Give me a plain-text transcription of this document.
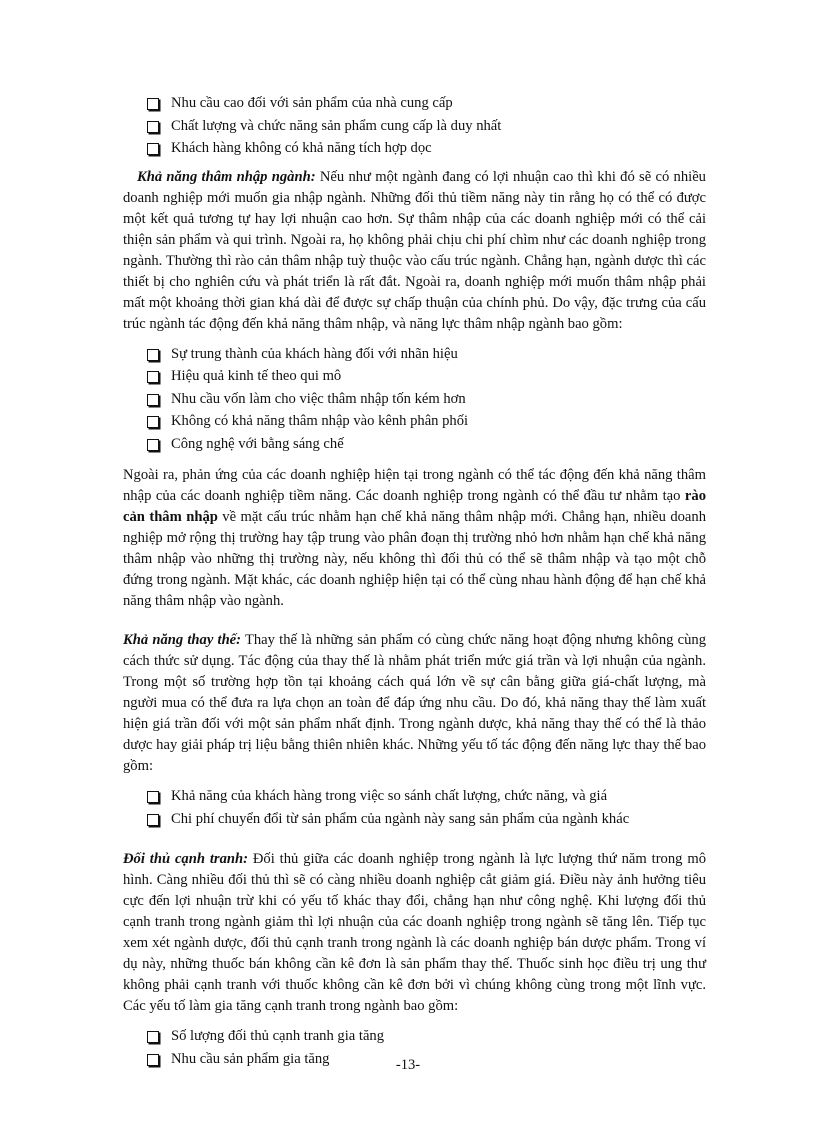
Nhu cầu cao đối với sản phẩm của nhà cung cấp
Chất lượng và chức năng sản phẩm cung cấp là duy nhất
Khách hàng không có khả năng tích hợp dọc

Khả năng thâm nhập ngành: Nếu như một ngành đang có lợi nhuận cao thì khi đó sẽ có nhiều doanh nghiệp mới muốn gia nhập ngành. Những đối thủ tiềm năng này tin rằng họ có thể có được một kết quả tương tự hay lợi nhuận cao hơn. Sự thâm nhập của các doanh nghiệp mới có thể cải thiện sản phẩm và qui trình. Ngoài ra, họ không phải chịu chi phí chìm như các doanh nghiệp trong ngành. Thường thì rào cản thâm nhập tuỳ thuộc vào cấu trúc ngành. Chẳng hạn, ngành dược thì các thiết bị cho nghiên cứu và phát triển là rất đắt. Ngoài ra, doanh nghiệp mới muốn thâm nhập phải mất một khoảng thời gian khá dài để được sự chấp thuận của chính phủ. Do vậy, đặc trưng của cấu trúc ngành tác động đến khả năng thâm nhập, và năng lực thâm nhập ngành bao gồm:

Sự trung thành của khách hàng đối với nhãn hiệu
Hiệu quả kinh tế theo qui mô
Nhu cầu vốn làm cho việc thâm nhập tốn kém hơn
Không có khả năng thâm nhập vào kênh phân phối
Công nghệ với bằng sáng chế

Ngoài ra, phản ứng của các doanh nghiệp hiện tại trong ngành có thể tác động đến khả năng thâm nhập của các doanh nghiệp tiềm năng. Các doanh nghiệp trong ngành có thể đầu tư nhằm tạo rào cản thâm nhập về mặt cấu trúc nhằm hạn chế khả năng thâm nhập mới. Chẳng hạn, nhiều doanh nghiệp mở rộng thị trường hay tập trung vào phân đoạn thị trường nhỏ hơn nhằm hạn chế khả năng thâm nhập vào những thị trường này, nếu không thì đối thủ có thể sẽ thâm nhập và tạo một chỗ đứng trong ngành. Mặt khác, các doanh nghiệp hiện tại có thể cùng nhau hành động để hạn chế khả năng thâm nhập vào ngành.

Khả năng thay thế: Thay thế là những sản phẩm có cùng chức năng hoạt động nhưng không cùng cách thức sử dụng. Tác động của thay thế là nhằm phát triển mức giá trần và lợi nhuận của ngành. Trong một số trường hợp tồn tại khoảng cách quá lớn về sự cân bằng giữa giá-chất lượng, mà người mua có thể đưa ra lựa chọn an toàn để đáp ứng nhu cầu. Do đó, khả năng thay thế làm xuất hiện giá trần đối với một sản phẩm nhất định. Trong ngành dược, khả năng thay thế có thể là thảo dược hay giải pháp trị liệu bằng thiên nhiên khác. Những yếu tố tác động đến năng lực thay thế bao gồm:

Khả năng của khách hàng trong việc so sánh chất lượng, chức năng, và giá
Chi phí chuyển đổi từ sản phẩm của ngành này sang sản phẩm của ngành khác

Đối thủ cạnh tranh: Đối thủ giữa các doanh nghiệp trong ngành là lực lượng thứ năm trong mô hình. Càng nhiều đối thủ thì sẽ có càng nhiều doanh nghiệp cắt giảm giá. Điều này ảnh hưởng tiêu cực đến lợi nhuận trừ khi có yếu tố khác thay đổi, chẳng hạn như công nghệ. Khi lượng đối thủ cạnh tranh trong ngành giảm thì lợi nhuận của các doanh nghiệp trong ngành sẽ tăng lên. Tiếp tục xem xét ngành dược, đối thủ cạnh tranh trong ngành là các doanh nghiệp bán dược phẩm. Trong ví dụ này, những thuốc bán không cần kê đơn là sản phẩm thay thế. Thuốc sinh học điều trị ung thư không phải cạnh tranh với thuốc không cần kê đơn bởi vì chúng không cùng trong một lĩnh vực. Các yếu tố làm gia tăng cạnh tranh trong ngành bao gồm:

Số lượng đối thủ cạnh tranh gia tăng
Nhu cầu sản phẩm gia tăng	-13-
